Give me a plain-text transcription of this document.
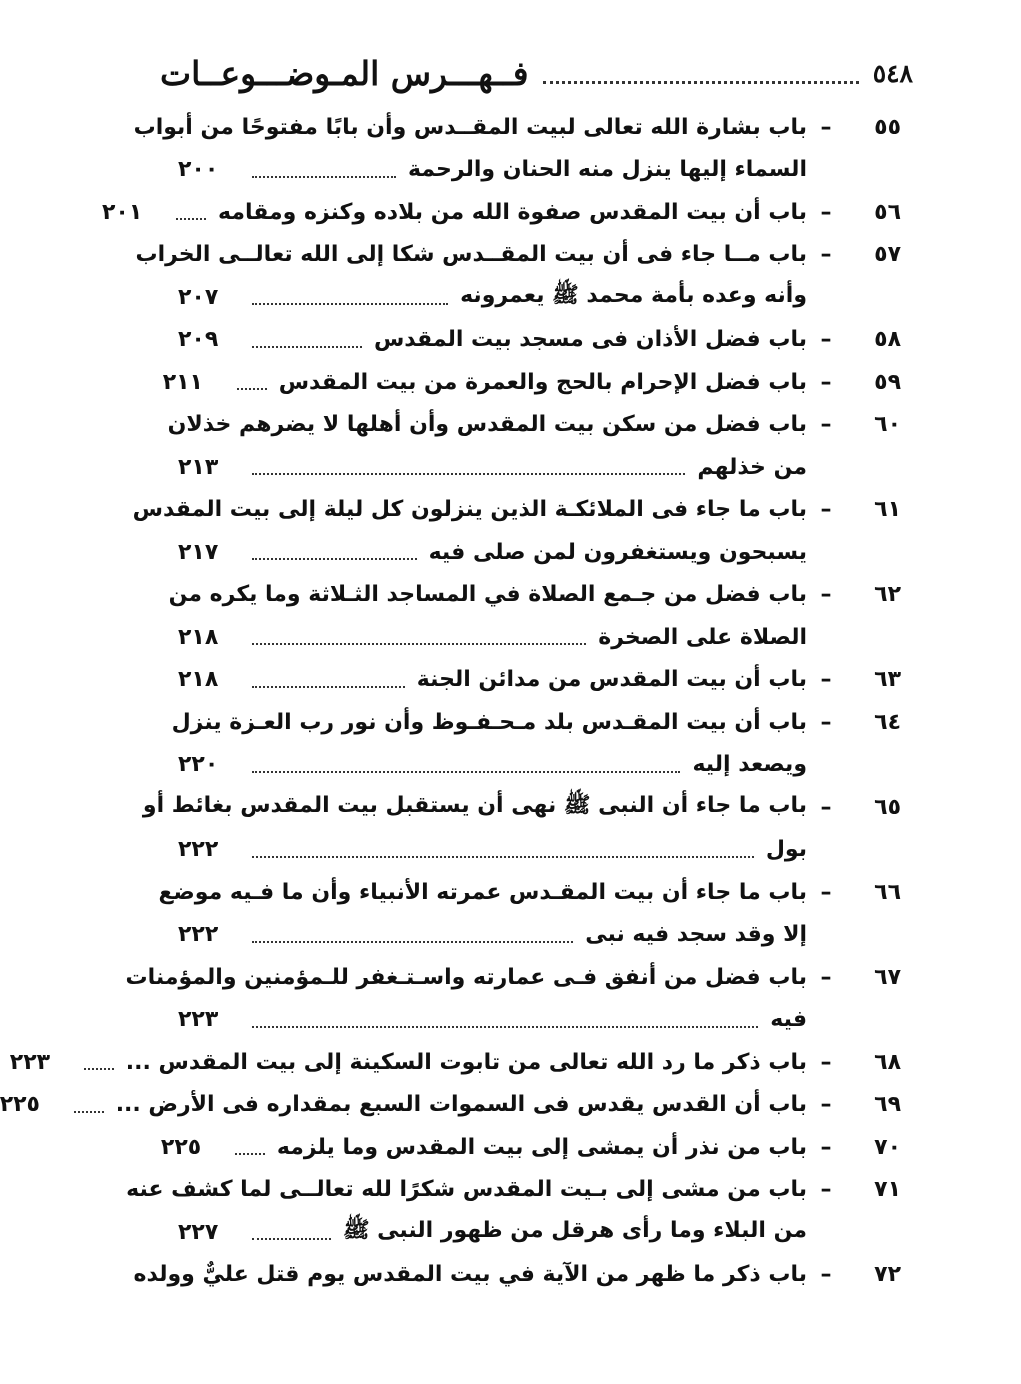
٥٤٨
فــهـــرس المـوضـــوعــات
٥٥
–
باب بشارة الله تعالى لبيت المقــدس وأن بابًا مفتوحًا من أبواب
السماء إليها ينزل منه الحنان والرحمة
٢٠٠
٥٦
–
باب أن بيت المقدس صفوة الله من بلاده وكنزه ومقامه
٢٠١
٥٧
–
باب مــا جاء فى أن بيت المقــدس شكا إلى الله تعالــى الخراب
وأنه وعده بأمة محمد ﷺ يعمرونه
٢٠٧
٥٨
–
باب فضل الأذان فى مسجد بيت المقدس
٢٠٩
٥٩
–
باب فضل الإحرام بالحج والعمرة من بيت المقدس
٢١١
٦٠
–
باب فضل من سكن بيت المقدس وأن أهلها لا يضرهم خذلان
من خذلهم
٢١٣
٦١
–
باب ما جاء فى الملائكـة الذين ينزلون كل ليلة إلى بيت المقدس
يسبحون ويستغفرون لمن صلى فيه
٢١٧
٦٢
–
باب فضل من جـمع الصلاة في المساجد الثـلاثة وما يكره من
الصلاة على الصخرة
٢١٨
٦٣
–
باب أن بيت المقدس من مدائن الجنة
٢١٨
٦٤
–
باب أن بيت المقـدس بلد مـحـفـوظ وأن نور رب العـزة ينزل
ويصعد إليه
٢٢٠
٦٥
–
باب ما جاء أن النبى ﷺ نهى أن يستقبل بيت المقدس بغائط أو
بول
٢٢٢
٦٦
–
باب ما جاء أن بيت المقـدس عمرته الأنبياء وأن ما فـيه موضع
إلا وقد سجد فيه نبى
٢٢٢
٦٧
–
باب فضل من أنفق فـى عمارته واسـتـغفر للـمؤمنين والمؤمنات
فيه
٢٢٣
٦٨
–
باب ذكر ما رد الله تعالى من تابوت السكينة إلى بيت المقدس ...
٢٢٣
٦٩
–
باب أن القدس يقدس فى السموات السبع بمقداره فى الأرض ...
٢٢٥
٧٠
–
باب من نذر أن يمشى إلى بيت المقدس وما يلزمه
٢٢٥
٧١
–
باب من مشى إلى بـيت المقدس شكرًا لله تعالــى لما كشف عنه
من البلاء وما رأى هرقل من ظهور النبى ﷺ
٢٢٧
٧٢
–
باب ذكر ما ظهر من الآية في بيت المقدس يوم قتل عليٌّ وولده
